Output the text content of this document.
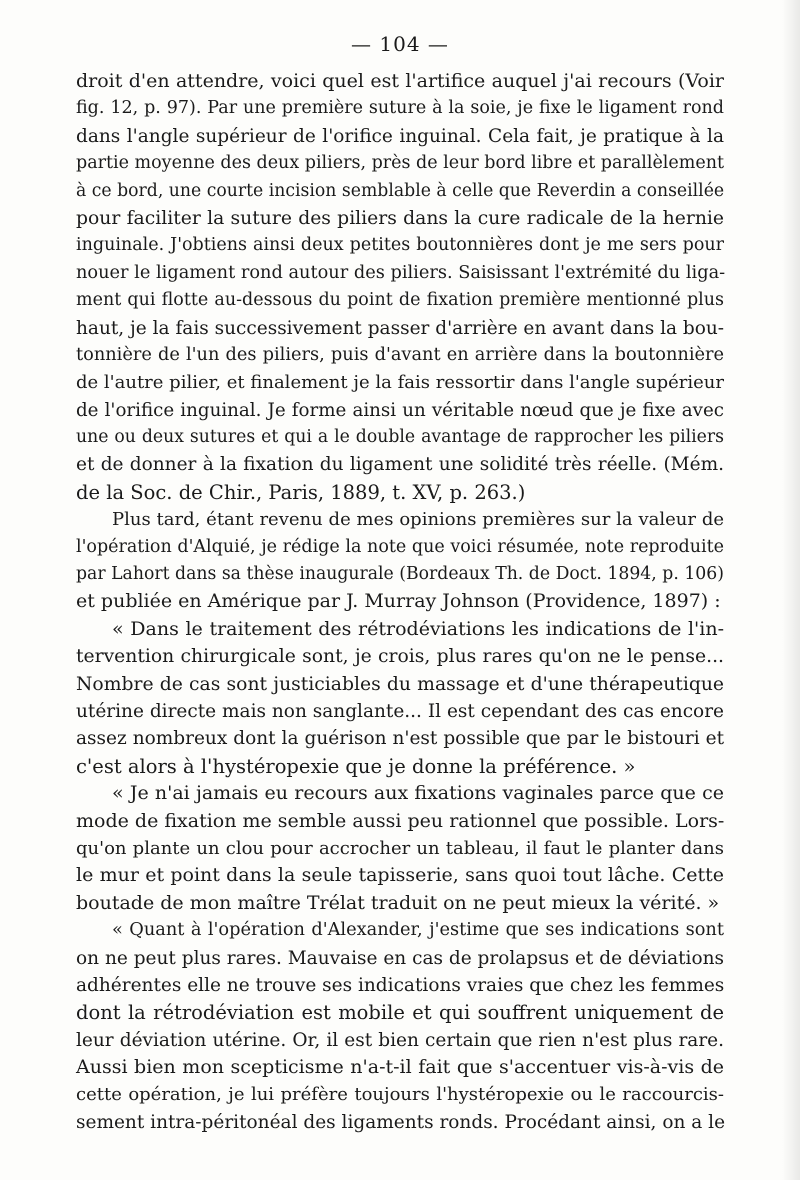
— 104 —
droit d'en attendre, voici quel est l'artifice auquel j'ai recours (Voir
fig. 12, p. 97). Par une première suture à la soie, je fixe le ligament rond
dans l'angle supérieur de l'orifice inguinal. Cela fait, je pratique à la
partie moyenne des deux piliers, près de leur bord libre et parallèlement
à ce bord, une courte incision semblable à celle que Reverdin a conseillée
pour faciliter la suture des piliers dans la cure radicale de la hernie
inguinale. J'obtiens ainsi deux petites boutonnières dont je me sers pour
nouer le ligament rond autour des piliers. Saisissant l'extrémité du liga-
ment qui flotte au-dessous du point de fixation première mentionné plus
haut, je la fais successivement passer d'arrière en avant dans la bou-
tonnière de l'un des piliers, puis d'avant en arrière dans la boutonnière
de l'autre pilier, et finalement je la fais ressortir dans l'angle supérieur
de l'orifice inguinal. Je forme ainsi un véritable nœud que je fixe avec
une ou deux sutures et qui a le double avantage de rapprocher les piliers
et de donner à la fixation du ligament une solidité très réelle. (Mém.
de la Soc. de Chir., Paris, 1889, t. XV, p. 263.)
Plus tard, étant revenu de mes opinions premières sur la valeur de
l'opération d'Alquié, je rédige la note que voici résumée, note reproduite
par Lahort dans sa thèse inaugurale (Bordeaux Th. de Doct. 1894, p. 106)
et publiée en Amérique par J. Murray Johnson (Providence, 1897) :
« Dans le traitement des rétrodéviations les indications de l'in-
tervention chirurgicale sont, je crois, plus rares qu'on ne le pense...
Nombre de cas sont justiciables du massage et d'une thérapeutique
utérine directe mais non sanglante... Il est cependant des cas encore
assez nombreux dont la guérison n'est possible que par le bistouri et
c'est alors à l'hystéropexie que je donne la préférence. »
« Je n'ai jamais eu recours aux fixations vaginales parce que ce
mode de fixation me semble aussi peu rationnel que possible. Lors-
qu'on plante un clou pour accrocher un tableau, il faut le planter dans
le mur et point dans la seule tapisserie, sans quoi tout lâche. Cette
boutade de mon maître Trélat traduit on ne peut mieux la vérité. »
« Quant à l'opération d'Alexander, j'estime que ses indications sont
on ne peut plus rares. Mauvaise en cas de prolapsus et de déviations
adhérentes elle ne trouve ses indications vraies que chez les femmes
dont la rétrodéviation est mobile et qui souffrent uniquement de
leur déviation utérine. Or, il est bien certain que rien n'est plus rare.
Aussi bien mon scepticisme n'a-t-il fait que s'accentuer vis-à-vis de
cette opération, je lui préfère toujours l'hystéropexie ou le raccourcis-
sement intra-péritonéal des ligaments ronds. Procédant ainsi, on a le
